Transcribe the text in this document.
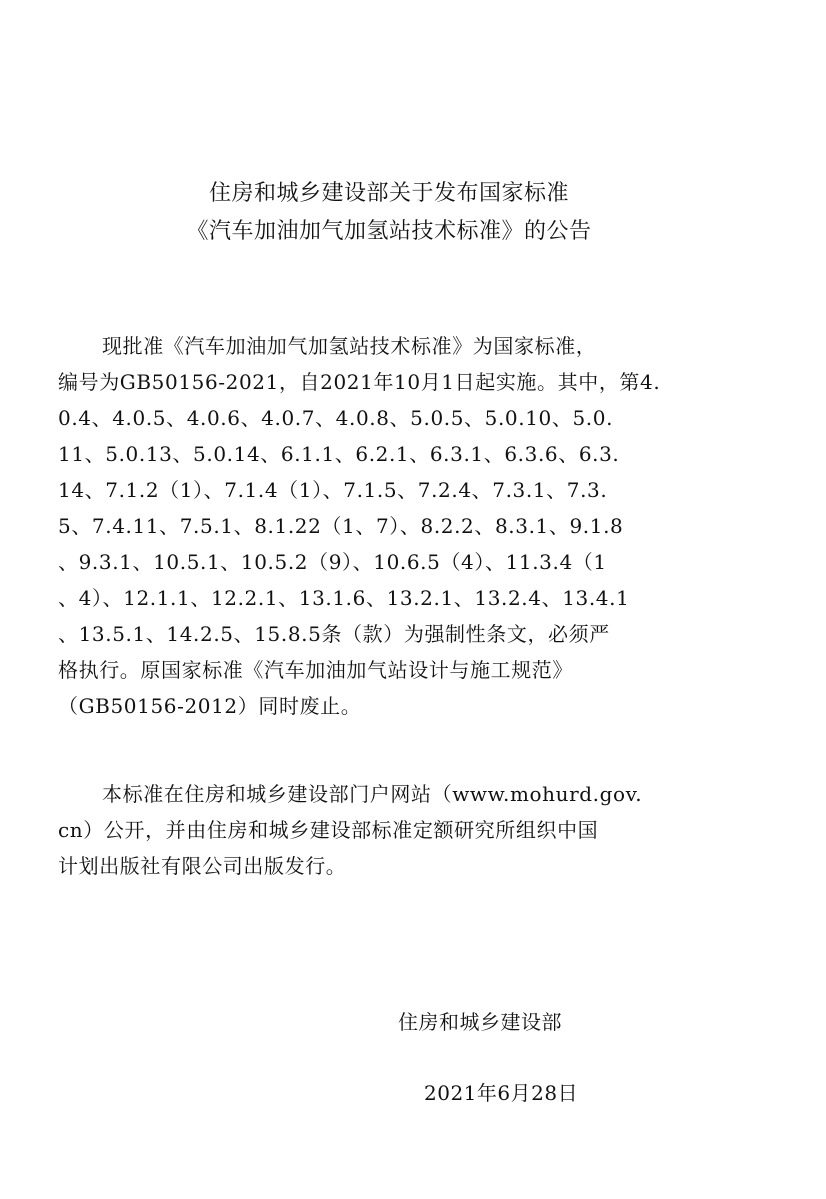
住房和城乡建设部关于发布国家标准
《汽车加油加气加氢站技术标准》的公告
现批准《汽车加油加气加氢站技术标准》为国家标准，
编号为GB50156-2021，自2021年10月1日起实施。其中，第4.
0.4、4.0.5、4.0.6、4.0.7、4.0.8、5.0.5、5.0.10、5.0.
11、5.0.13、5.0.14、6.1.1、6.2.1、6.3.1、6.3.6、6.3.
14、7.1.2（1）、7.1.4（1）、7.1.5、7.2.4、7.3.1、7.3.
5、7.4.11、7.5.1、8.1.22（1、7）、8.2.2、8.3.1、9.1.8
、9.3.1、10.5.1、10.5.2（9）、10.6.5（4）、11.3.4（1
、4）、12.1.1、12.2.1、13.1.6、13.2.1、13.2.4、13.4.1
、13.5.1、14.2.5、15.8.5条（款）为强制性条文，必须严
格执行。原国家标准《汽车加油加气站设计与施工规范》
（GB50156-2012）同时废止。
本标准在住房和城乡建设部门户网站（www.mohurd.gov.
cn）公开，并由住房和城乡建设部标准定额研究所组织中国
计划出版社有限公司出版发行。
住房和城乡建设部
2021年6月28日
